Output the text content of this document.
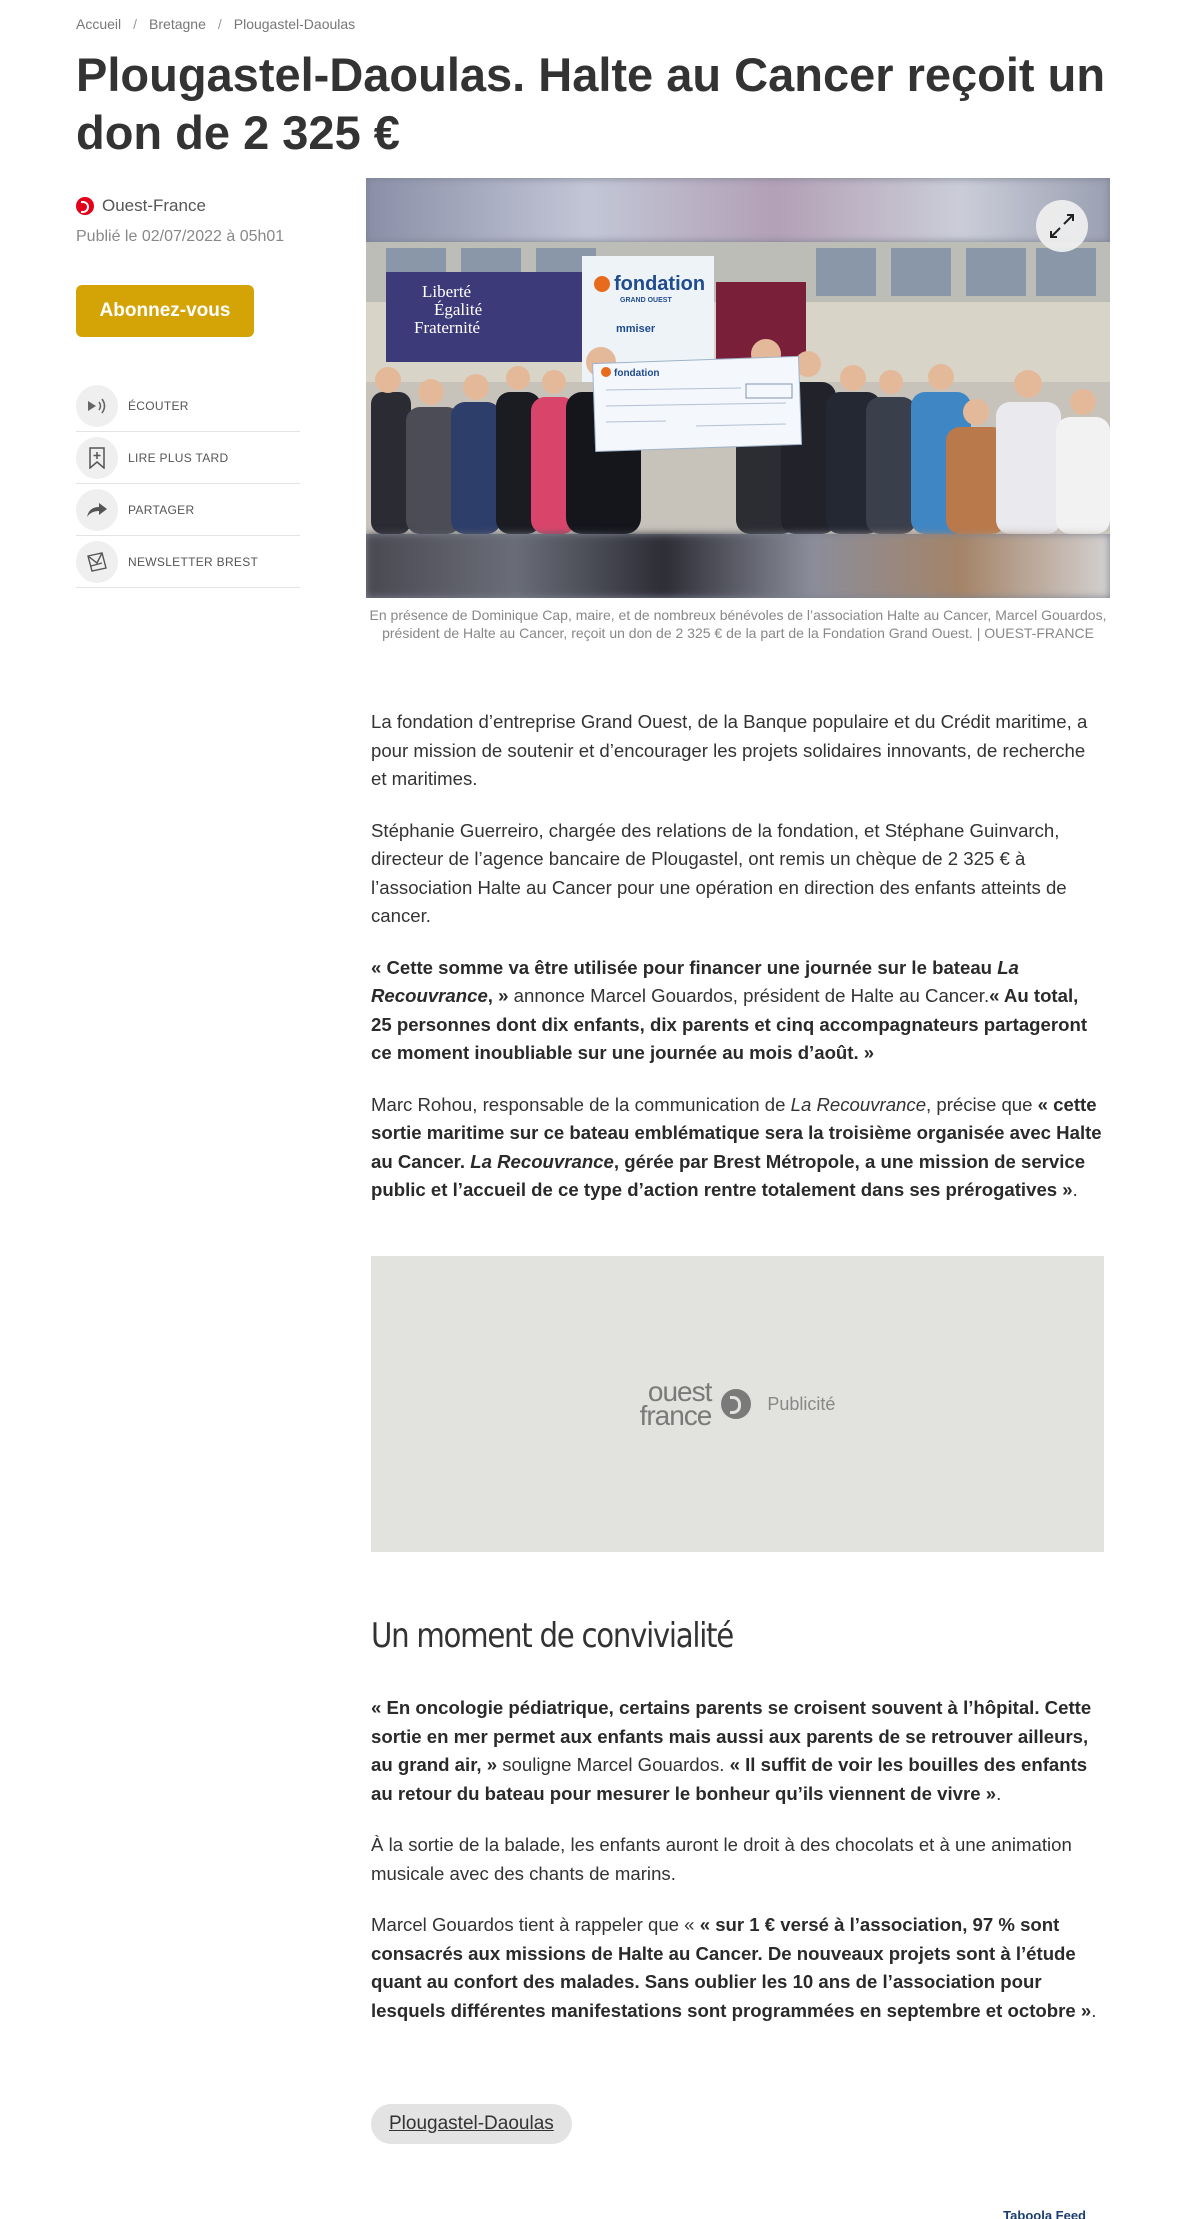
Accueil / Bretagne / Plougastel-Daoulas
Plougastel-Daoulas. Halte au Cancer reçoit un don de 2 325 €
Ouest-France
Publié le 02/07/2022 à 05h01
Abonnez-vous
ÉCOUTER
LIRE PLUS TARD
PARTAGER
NEWSLETTER BREST
Liberté
Égalité
Fraternité
fondation
GRAND OUEST
mmiser
fondation
En présence de Dominique Cap, maire, et de nombreux bénévoles de l’association Halte au Cancer, Marcel Gouardos, président de Halte au Cancer, reçoit un don de 2 325 € de la part de la Fondation Grand Ouest. | OUEST-FRANCE

La fondation d’entreprise Grand Ouest, de la Banque populaire et du Crédit maritime, a pour mission de soutenir et d’encourager les projets solidaires innovants, de recherche et maritimes.

Stéphanie Guerreiro, chargée des relations de la fondation, et Stéphane Guinvarch, directeur de l’agence bancaire de Plougastel, ont remis un chèque de 2 325 € à l’association Halte au Cancer pour une opération en direction des enfants atteints de cancer.

« Cette somme va être utilisée pour financer une journée sur le bateau La Recouvrance, » annonce Marcel Gouardos, président de Halte au Cancer.« Au total, 25 personnes dont dix enfants, dix parents et cinq accompagnateurs partageront ce moment inoubliable sur une journée au mois d’août. »

Marc Rohou, responsable de la communication de La Recouvrance, précise que « cette sortie maritime sur ce bateau emblématique sera la troisième organisée avec Halte au Cancer. La Recouvrance, gérée par Brest Métropole, a une mission de service public et l’accueil de ce type d’action rentre totalement dans ses prérogatives ».

ouest
france	Publicité
Un moment de convivialité

« En oncologie pédiatrique, certains parents se croisent souvent à l’hôpital. Cette sortie en mer permet aux enfants mais aussi aux parents de se retrouver ailleurs, au grand air, » souligne Marcel Gouardos. « Il suffit de voir les bouilles des enfants au retour du bateau pour mesurer le bonheur qu’ils viennent de vivre ».

À la sortie de la balade, les enfants auront le droit à des chocolats et à une animation musicale avec des chants de marins.

Marcel Gouardos tient à rappeler que « « sur 1 € versé à l’association, 97 % sont consacrés aux missions de Halte au Cancer. De nouveaux projets sont à l’étude quant au confort des malades. Sans oublier les 10 ans de l’association pour lesquels différentes manifestations sont programmées en septembre et octobre ».

Plougastel-Daoulas
Taboola Feed
